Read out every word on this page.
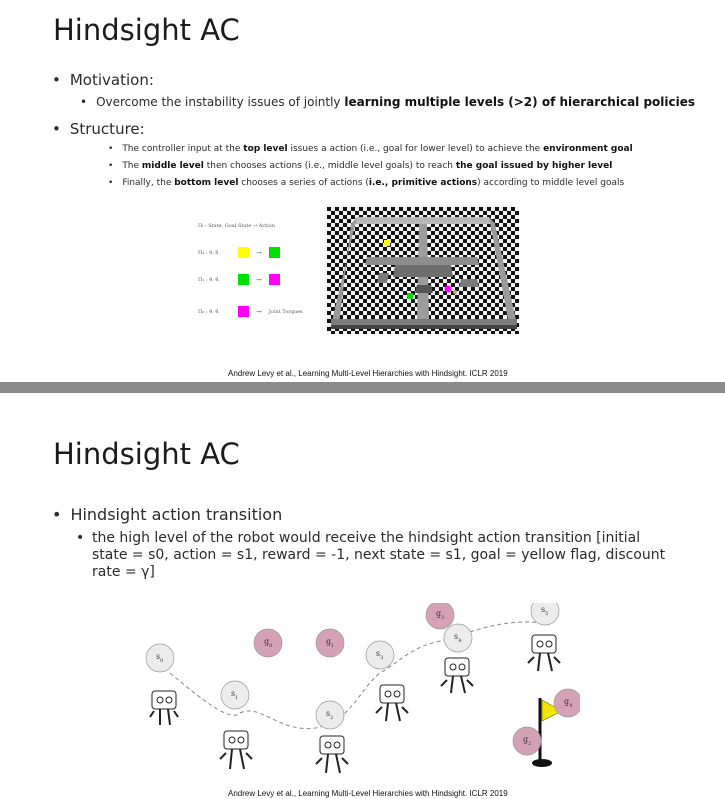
Hindsight AC
• Motivation:
• Overcome the instability issues of jointly learning multiple levels (>2) of hierarchical policies
• Structure:
• The controller input at the top level issues a action (i.e., goal for lower level) to achieve the environment goal
• The middle level then chooses actions (i.e., middle level goals) to reach the goal issued by higher level
• Finally, the bottom level chooses a series of actions (i.e., primitive actions) according to middle level goals
Πᵢ : State, Goal State → Action
Π₂ : θ, θ̇,	→
Π₁ : θ, θ̇,	→
Π₀ : θ, θ̇,	→ Joint Torques
Andrew Levy et al., Learning Multi-Level Hierarchies with Hindsight. ICLR 2019
Hindsight AC
• Hindsight action transition
• the high level of the robot would receive the hindsight action transition [initial state = s0, action = s1, reward = -1, next state = s1, goal = yellow flag, discount rate = γ]
$s_0$
$s_1$
$s_2$
$s_3$
$s_4$
$s_5$
$g_0$	$g_1$
$g_2$
$g_3$
$g_4$
Andrew Levy et al., Learning Multi-Level Hierarchies with Hindsight. ICLR 2019
